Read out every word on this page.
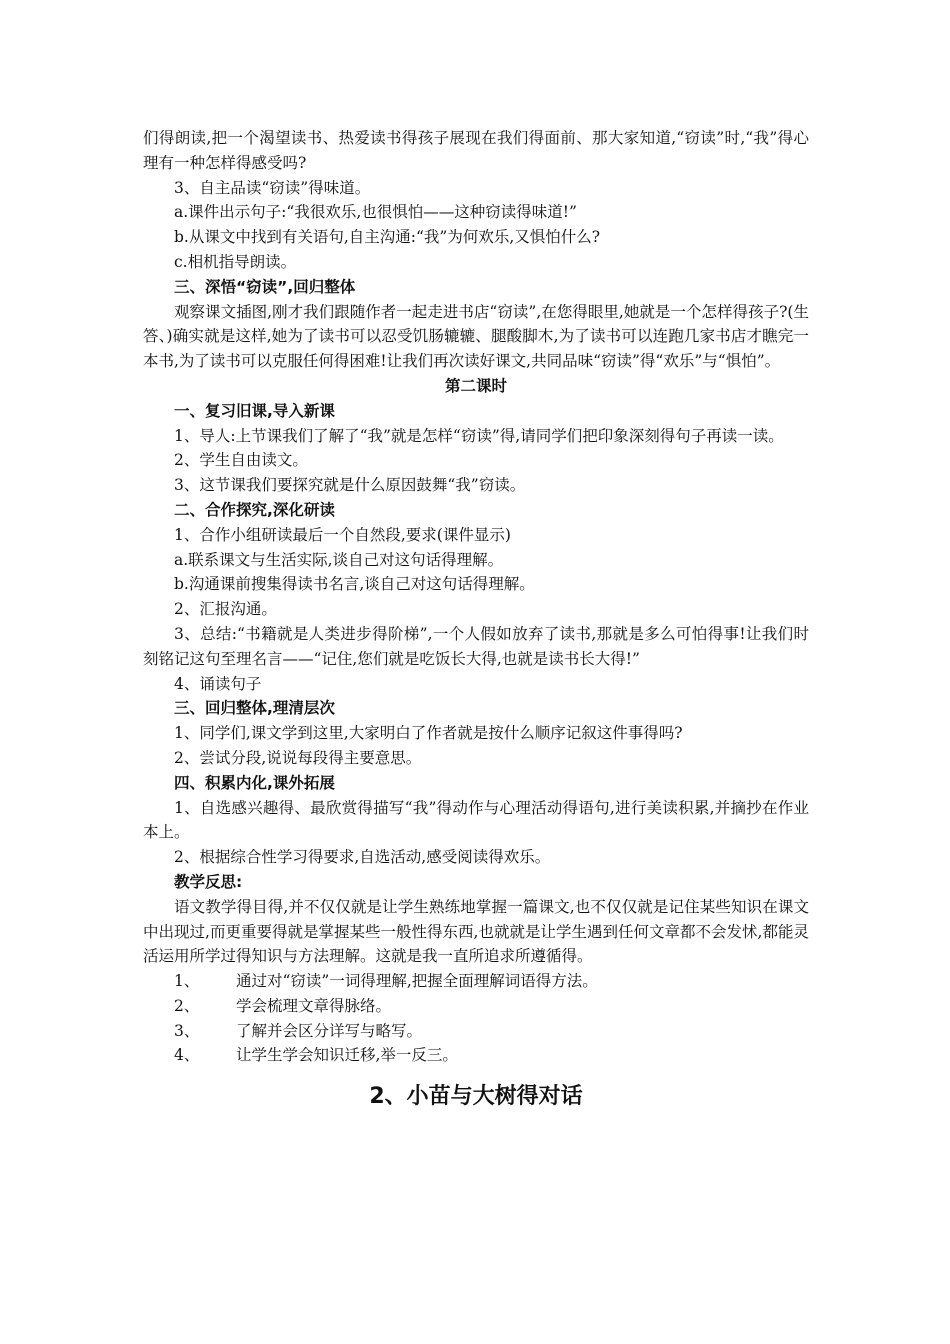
们得朗读,把一个渴望读书、热爱读书得孩子展现在我们得面前、那大家知道,“窃读”时,“我”得心理有一种怎样得感受吗?

3、自主品读“窃读”得味道。

a.课件出示句子:“我很欢乐,也很惧怕——这种窃读得味道!”

b.从课文中找到有关语句,自主沟通:“我”为何欢乐,又惧怕什么?

c.相机指导朗读。

三、深悟“窃读”,回归整体

观察课文插图,刚才我们跟随作者一起走进书店“窃读”,在您得眼里,她就是一个怎样得孩子?(生答、)确实就是这样,她为了读书可以忍受饥肠辘辘、腿酸脚木,为了读书可以连跑几家书店才瞧完一本书,为了读书可以克服任何得困难!让我们再次读好课文,共同品味“窃读”得“欢乐”与“惧怕”。

第二课时

一、复习旧课,导入新课

1、导人:上节课我们了解了“我”就是怎样“窃读”得,请同学们把印象深刻得句子再读一读。

2、学生自由读文。

3、这节课我们要探究就是什么原因鼓舞“我”窃读。

二、合作探究,深化研读

1、合作小组研读最后一个自然段,要求(课件显示)

a.联系课文与生活实际,谈自己对这句话得理解。

b.沟通课前搜集得读书名言,谈自己对这句话得理解。

2、汇报沟通。

3、总结:“书籍就是人类进步得阶梯”,一个人假如放弃了读书,那就是多么可怕得事!让我们时刻铭记这句至理名言——“记住,您们就是吃饭长大得,也就是读书长大得!”

4、诵读句子

三、回归整体,理清层次

1、同学们,课文学到这里,大家明白了作者就是按什么顺序记叙这件事得吗?

2、尝试分段,说说每段得主要意思。

四、积累内化,课外拓展

1、自选感兴趣得、最欣赏得描写“我”得动作与心理活动得语句,进行美读积累,并摘抄在作业本上。

2、根据综合性学习得要求,自选活动,感受阅读得欢乐。

教学反思:

语文教学得目得,并不仅仅就是让学生熟练地掌握一篇课文,也不仅仅就是记住某些知识在课文中出现过,而更重要得就是掌握某些一般性得东西,也就就是让学生遇到任何文章都不会发怵,都能灵活运用所学过得知识与方法理解。这就是我一直所追求所遵循得。

1、 通过对“窃读”一词得理解,把握全面理解词语得方法。
2、 学会梳理文章得脉络。
3、 了解并会区分详写与略写。
4、 让学生学会知识迁移,举一反三。
2、小苗与大树得对话
